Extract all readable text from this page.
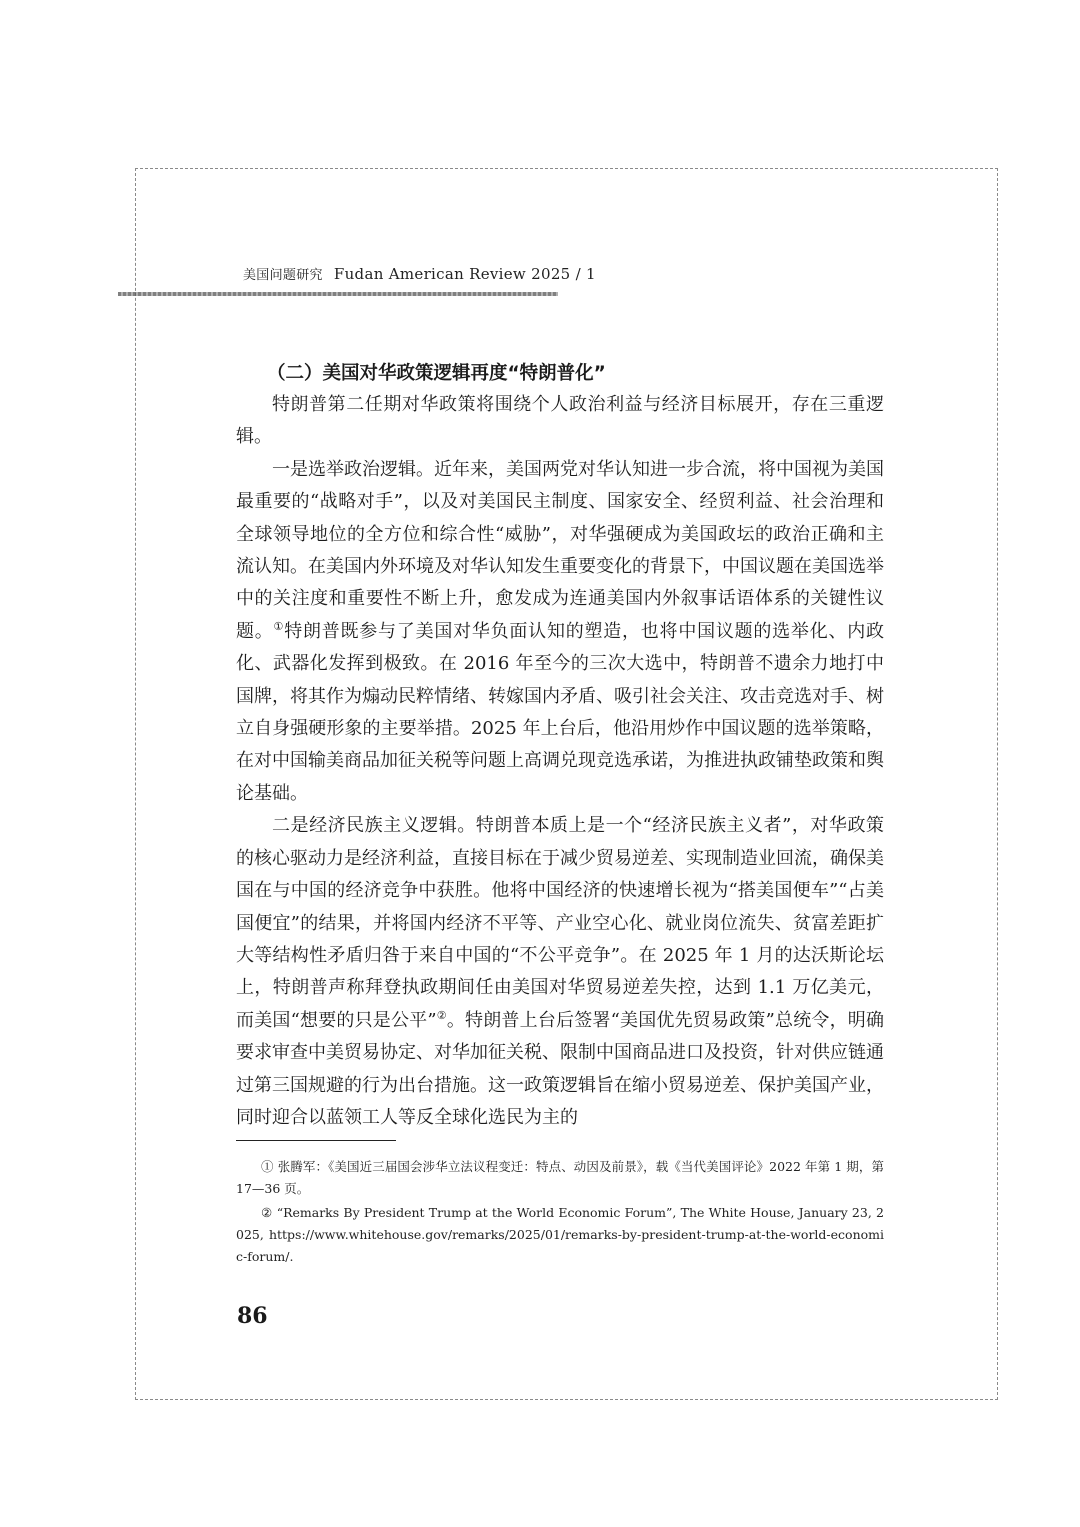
美国问题研究 Fudan American Review 2025 / 1
（二）美国对华政策逻辑再度“特朗普化”

特朗普第二任期对华政策将围绕个人政治利益与经济目标展开，存在三重逻辑。

一是选举政治逻辑。近年来，美国两党对华认知进一步合流，将中国视为美国最重要的“战略对手”，以及对美国民主制度、国家安全、经贸利益、社会治理和全球领导地位的全方位和综合性“威胁”，对华强硬成为美国政坛的政治正确和主流认知。在美国内外环境及对华认知发生重要变化的背景下，中国议题在美国选举中的关注度和重要性不断上升，愈发成为连通美国内外叙事话语体系的关键性议题。①特朗普既参与了美国对华负面认知的塑造，也将中国议题的选举化、内政化、武器化发挥到极致。在 2016 年至今的三次大选中，特朗普不遗余力地打中国牌，将其作为煽动民粹情绪、转嫁国内矛盾、吸引社会关注、攻击竞选对手、树立自身强硬形象的主要举措。2025 年上台后，他沿用炒作中国议题的选举策略，在对中国输美商品加征关税等问题上高调兑现竞选承诺，为推进执政铺垫政策和舆论基础。

二是经济民族主义逻辑。特朗普本质上是一个“经济民族主义者”，对华政策的核心驱动力是经济利益，直接目标在于减少贸易逆差、实现制造业回流，确保美国在与中国的经济竞争中获胜。他将中国经济的快速增长视为“搭美国便车”“占美国便宜”的结果，并将国内经济不平等、产业空心化、就业岗位流失、贫富差距扩大等结构性矛盾归咎于来自中国的“不公平竞争”。在 2025 年 1 月的达沃斯论坛上，特朗普声称拜登执政期间任由美国对华贸易逆差失控，达到 1.1 万亿美元，而美国“想要的只是公平”②。特朗普上台后签署“美国优先贸易政策”总统令，明确要求审查中美贸易协定、对华加征关税、限制中国商品进口及投资，针对供应链通过第三国规避的行为出台措施。这一政策逻辑旨在缩小贸易逆差、保护美国产业，同时迎合以蓝领工人等反全球化选民为主的

① 张腾军：《美国近三届国会涉华立法议程变迁：特点、动因及前景》，载《当代美国评论》2022 年第 1 期，第 17—36 页。

② “Remarks By President Trump at the World Economic Forum”, The White House, January 23, 2025, https://www.whitehouse.gov/remarks/2025/01/remarks-by-president-trump-at-the-world-economic-forum/.

86
